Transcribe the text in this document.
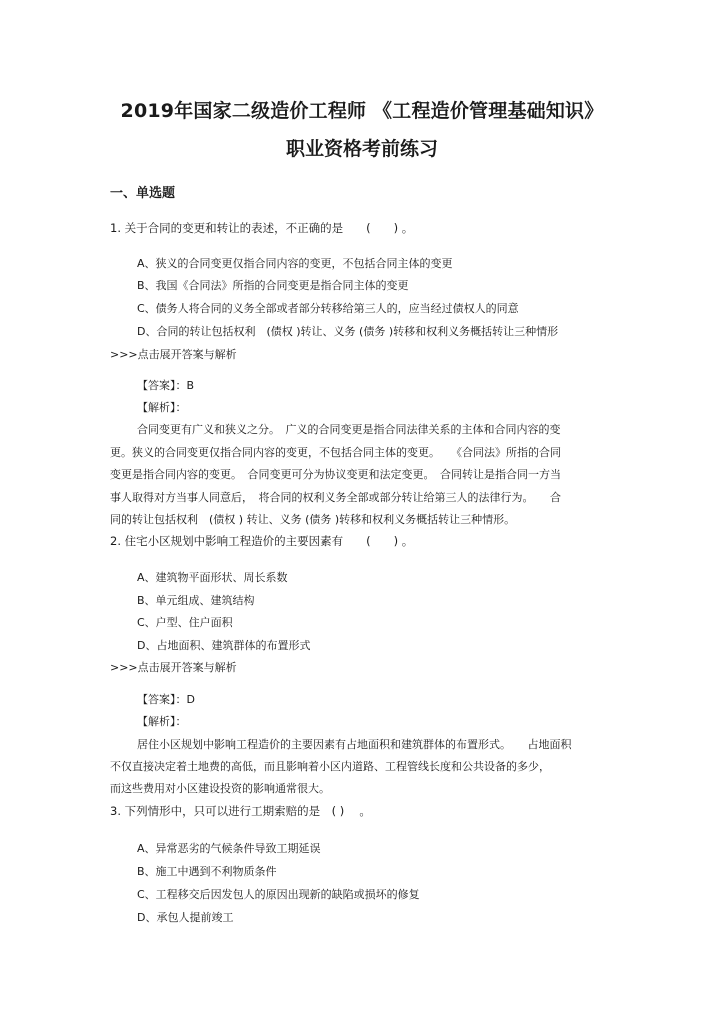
2019年国家二级造价工程师 《工程造价管理基础知识》
职业资格考前练习
一、单选题
1. 关于合同的变更和转让的表述，不正确的是　　(　　) 。
A、狭义的合同变更仅指合同内容的变更，不包括合同主体的变更
B、我国《合同法》所指的合同变更是指合同主体的变更
C、债务人将合同的义务全部或者部分转移给第三人的，应当经过债权人的同意
D、合同的转让包括权利　(债权 )转让、义务 (债务 )转移和权利义务概括转让三种情形
>>>点击展开答案与解析
【答案】：B
【解析】：
合同变更有广义和狭义之分。　广义的合同变更是指合同法律关系的主体和合同内容的变
更。狭义的合同变更仅指合同内容的变更，不包括合同主体的变更。　　《合同法》所指的合同
变更是指合同内容的变更。　合同变更可分为协议变更和法定变更。　合同转让是指合同一方当
事人取得对方当事人同意后，　将合同的权利义务全部或部分转让给第三人的法律行为。　　合
同的转让包括权利　(债权 ) 转让、义务 (债务 )转移和权利义务概括转让三种情形。
2. 住宅小区规划中影响工程造价的主要因素有　　(　　) 。
A、建筑物平面形状、周长系数
B、单元组成、建筑结构
C、户型、住户面积
D、占地面积、建筑群体的布置形式
>>>点击展开答案与解析
【答案】：D
【解析】：
居住小区规划中影响工程造价的主要因素有占地面积和建筑群体的布置形式。　　占地面积
不仅直接决定着土地费的高低，而且影响着小区内道路、工程管线长度和公共设备的多少，
而这些费用对小区建设投资的影响通常很大。
3. 下列情形中，只可以进行工期索赔的是　( ) 　。
A、异常恶劣的气候条件导致工期延误
B、施工中遇到不利物质条件
C、工程移交后因发包人的原因出现新的缺陷或损坏的修复
D、承包人提前竣工
